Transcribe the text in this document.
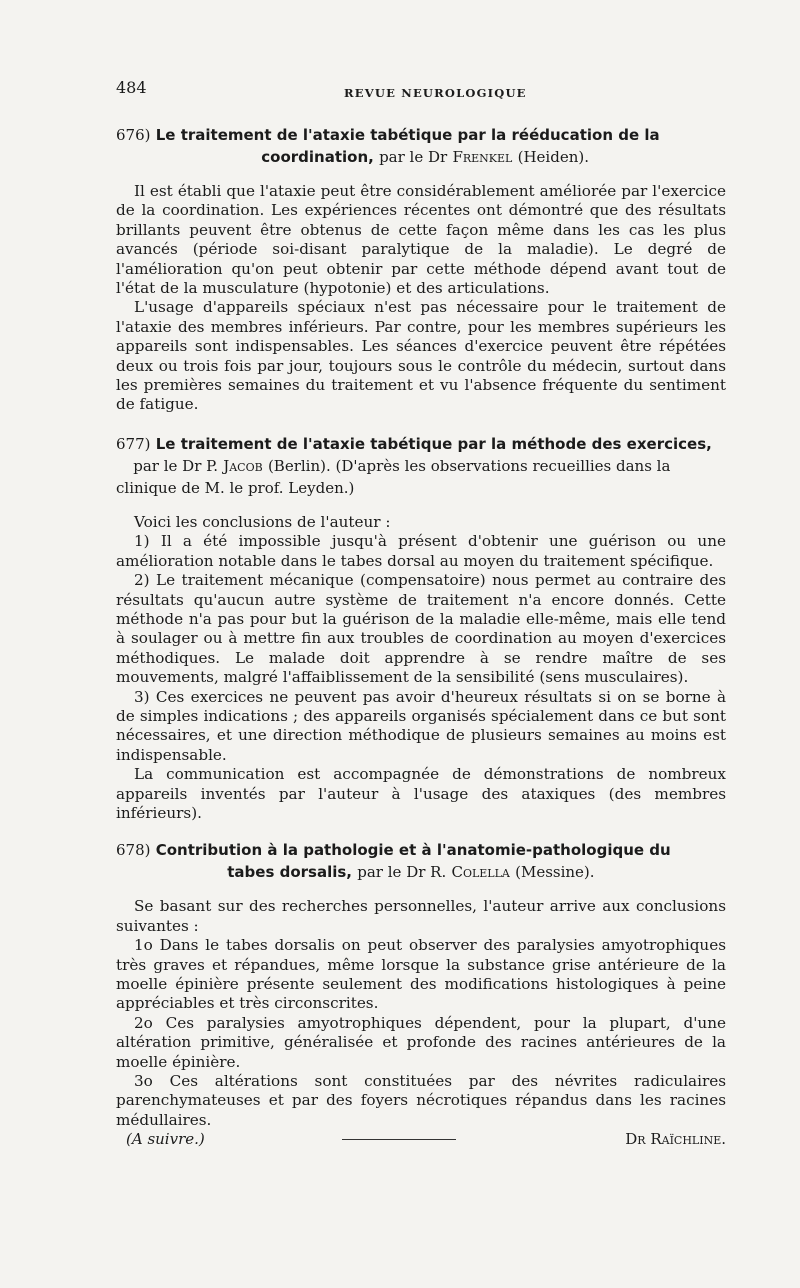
484	REVUE NEUROLOGIQUE
676) Le traitement de l'ataxie tabétique par la rééducation de la
coordination, par le Dr Frenkel (Heiden).

Il est établi que l'ataxie peut être considérablement améliorée par l'exercice de la coordination. Les expériences récentes ont démontré que des résultats brillants peuvent être obtenus de cette façon même dans les cas les plus avancés (période soi-disant paralytique de la maladie). Le degré de l'amélioration qu'on peut obtenir par cette méthode dépend avant tout de l'état de la musculature (hypotonie) et des articulations.

L'usage d'appareils spéciaux n'est pas nécessaire pour le traitement de l'ataxie des membres inférieurs. Par contre, pour les membres supérieurs les appareils sont indispensables. Les séances d'exercice peuvent être répétées deux ou trois fois par jour, toujours sous le contrôle du médecin, surtout dans les premières semaines du traitement et vu l'absence fréquente du sentiment de fatigue.

677) Le traitement de l'ataxie tabétique par la méthode des exercices,
par le Dr P. Jacob (Berlin). (D'après les observations recueillies dans la clinique de M. le prof. Leyden.)

Voici les conclusions de l'auteur :

1) Il a été impossible jusqu'à présent d'obtenir une guérison ou une amélioration notable dans le tabes dorsal au moyen du traitement spécifique.

2) Le traitement mécanique (compensatoire) nous permet au contraire des résultats qu'aucun autre système de traitement n'a encore donnés. Cette méthode n'a pas pour but la guérison de la maladie elle-même, mais elle tend à soulager ou à mettre fin aux troubles de coordination au moyen d'exercices méthodiques. Le malade doit apprendre à se rendre maître de ses mouvements, malgré l'affaiblissement de la sensibilité (sens musculaires).

3) Ces exercices ne peuvent pas avoir d'heureux résultats si on se borne à de simples indications ; des appareils organisés spécialement dans ce but sont nécessaires, et une direction méthodique de plusieurs semaines au moins est indispensable.

La communication est accompagnée de démonstrations de nombreux appareils inventés par l'auteur à l'usage des ataxiques (des membres inférieurs).

678) Contribution à la pathologie et à l'anatomie-pathologique du
tabes dorsalis, par le Dr R. Colella (Messine).

Se basant sur des recherches personnelles, l'auteur arrive aux conclusions suivantes :

1o Dans le tabes dorsalis on peut observer des paralysies amyotrophiques très graves et répandues, même lorsque la substance grise antérieure de la moelle épinière présente seulement des modifications histologiques à peine appréciables et très circonscrites.

2o Ces paralysies amyotrophiques dépendent, pour la plupart, d'une altération primitive, généralisée et profonde des racines antérieures de la moelle épinière.

3o Ces altérations sont constituées par des névrites radiculaires parenchymateuses et par des foyers nécrotiques répandus dans les racines médullaires.

(A suivre.)	Dr Raïchline.
